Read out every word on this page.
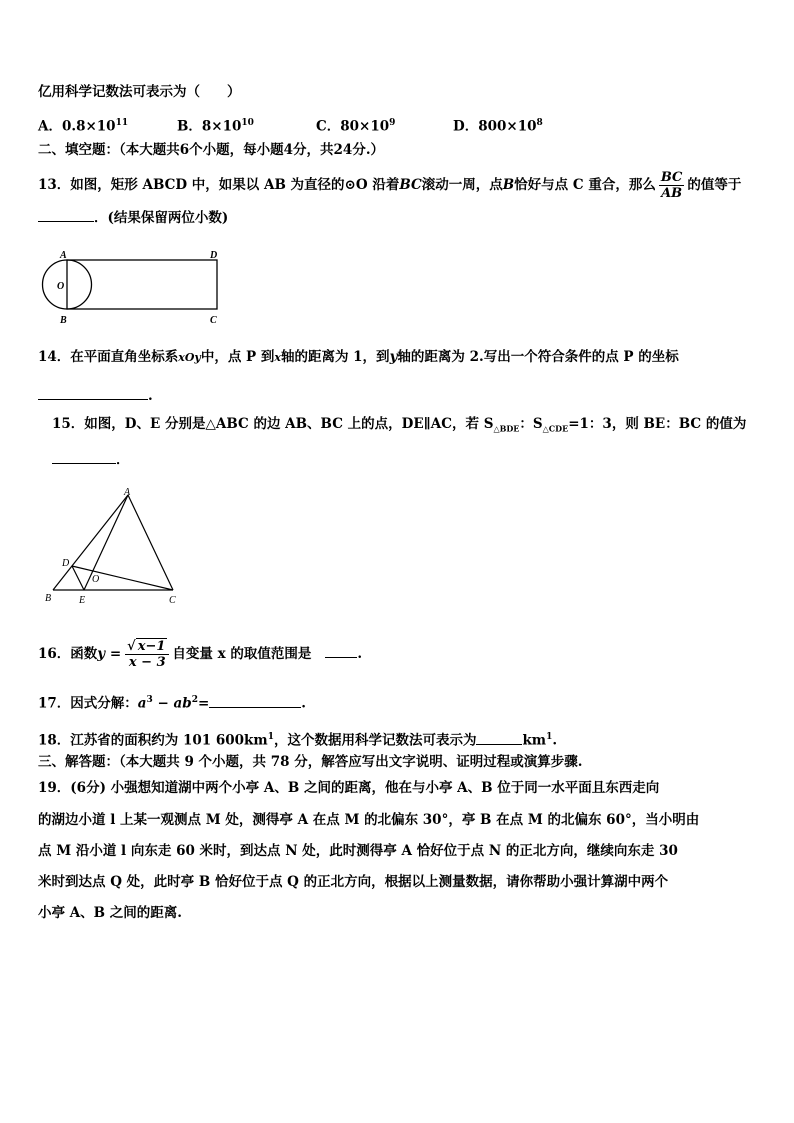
亿用科学记数法可表示为（　　）
A．$0.8\times 10^{11}$	B．$8\times 10^{10}$	C．$80\times 10^9$	D．$800\times 10^8$
二、填空题：（本大题共6个小题，每小题4分，共24分.）
13．如图，矩形 ABCD 中，如果以 AB 为直径的⊙O 沿着BC滚动一周，点B恰好与点 C 重合，那么 $\frac{BC}{AB}$ 的值等于
．(结果保留两位小数)
A	D
O
B	C
14．在平面直角坐标系xOy中，点 P 到x轴的距离为 1，到y轴的距离为 2.写出一个符合条件的点 P 的坐标
.
15．如图，D、E 分别是△ABC 的边 AB、BC 上的点，DE∥AC，若 $S_{\triangle BDE}$：$S_{\triangle CDE}=1$：3，则 BE：BC 的值为
．
A
D
O
B	E	C
16．函数$y = \frac{√ x-1}{x - 3}$ 自变量 x 的取值范围是	.
17．因式分解：$a^3 - ab^2=$	.
18．江苏省的面积约为 101 $600km^1$，这个数据用科学记数法可表示为	$km^1$.
三、解答题：（本大题共 9 个小题，共 78 分，解答应写出文字说明、证明过程或演算步骤.
19．(6分) 小强想知道湖中两个小亭 A、B 之间的距离，他在与小亭 A、B 位于同一水平面且东西走向
的湖边小道 l 上某一观测点 M 处，测得亭 A 在点 M 的北偏东 30°，亭 B 在点 M 的北偏东 60°，当小明由
点 M 沿小道 l 向东走 60 米时，到达点 N 处，此时测得亭 A 恰好位于点 N 的正北方向，继续向东走 30
米时到达点 Q 处，此时亭 B 恰好位于点 Q 的正北方向，根据以上测量数据，请你帮助小强计算湖中两个
小亭 A、B 之间的距离.
